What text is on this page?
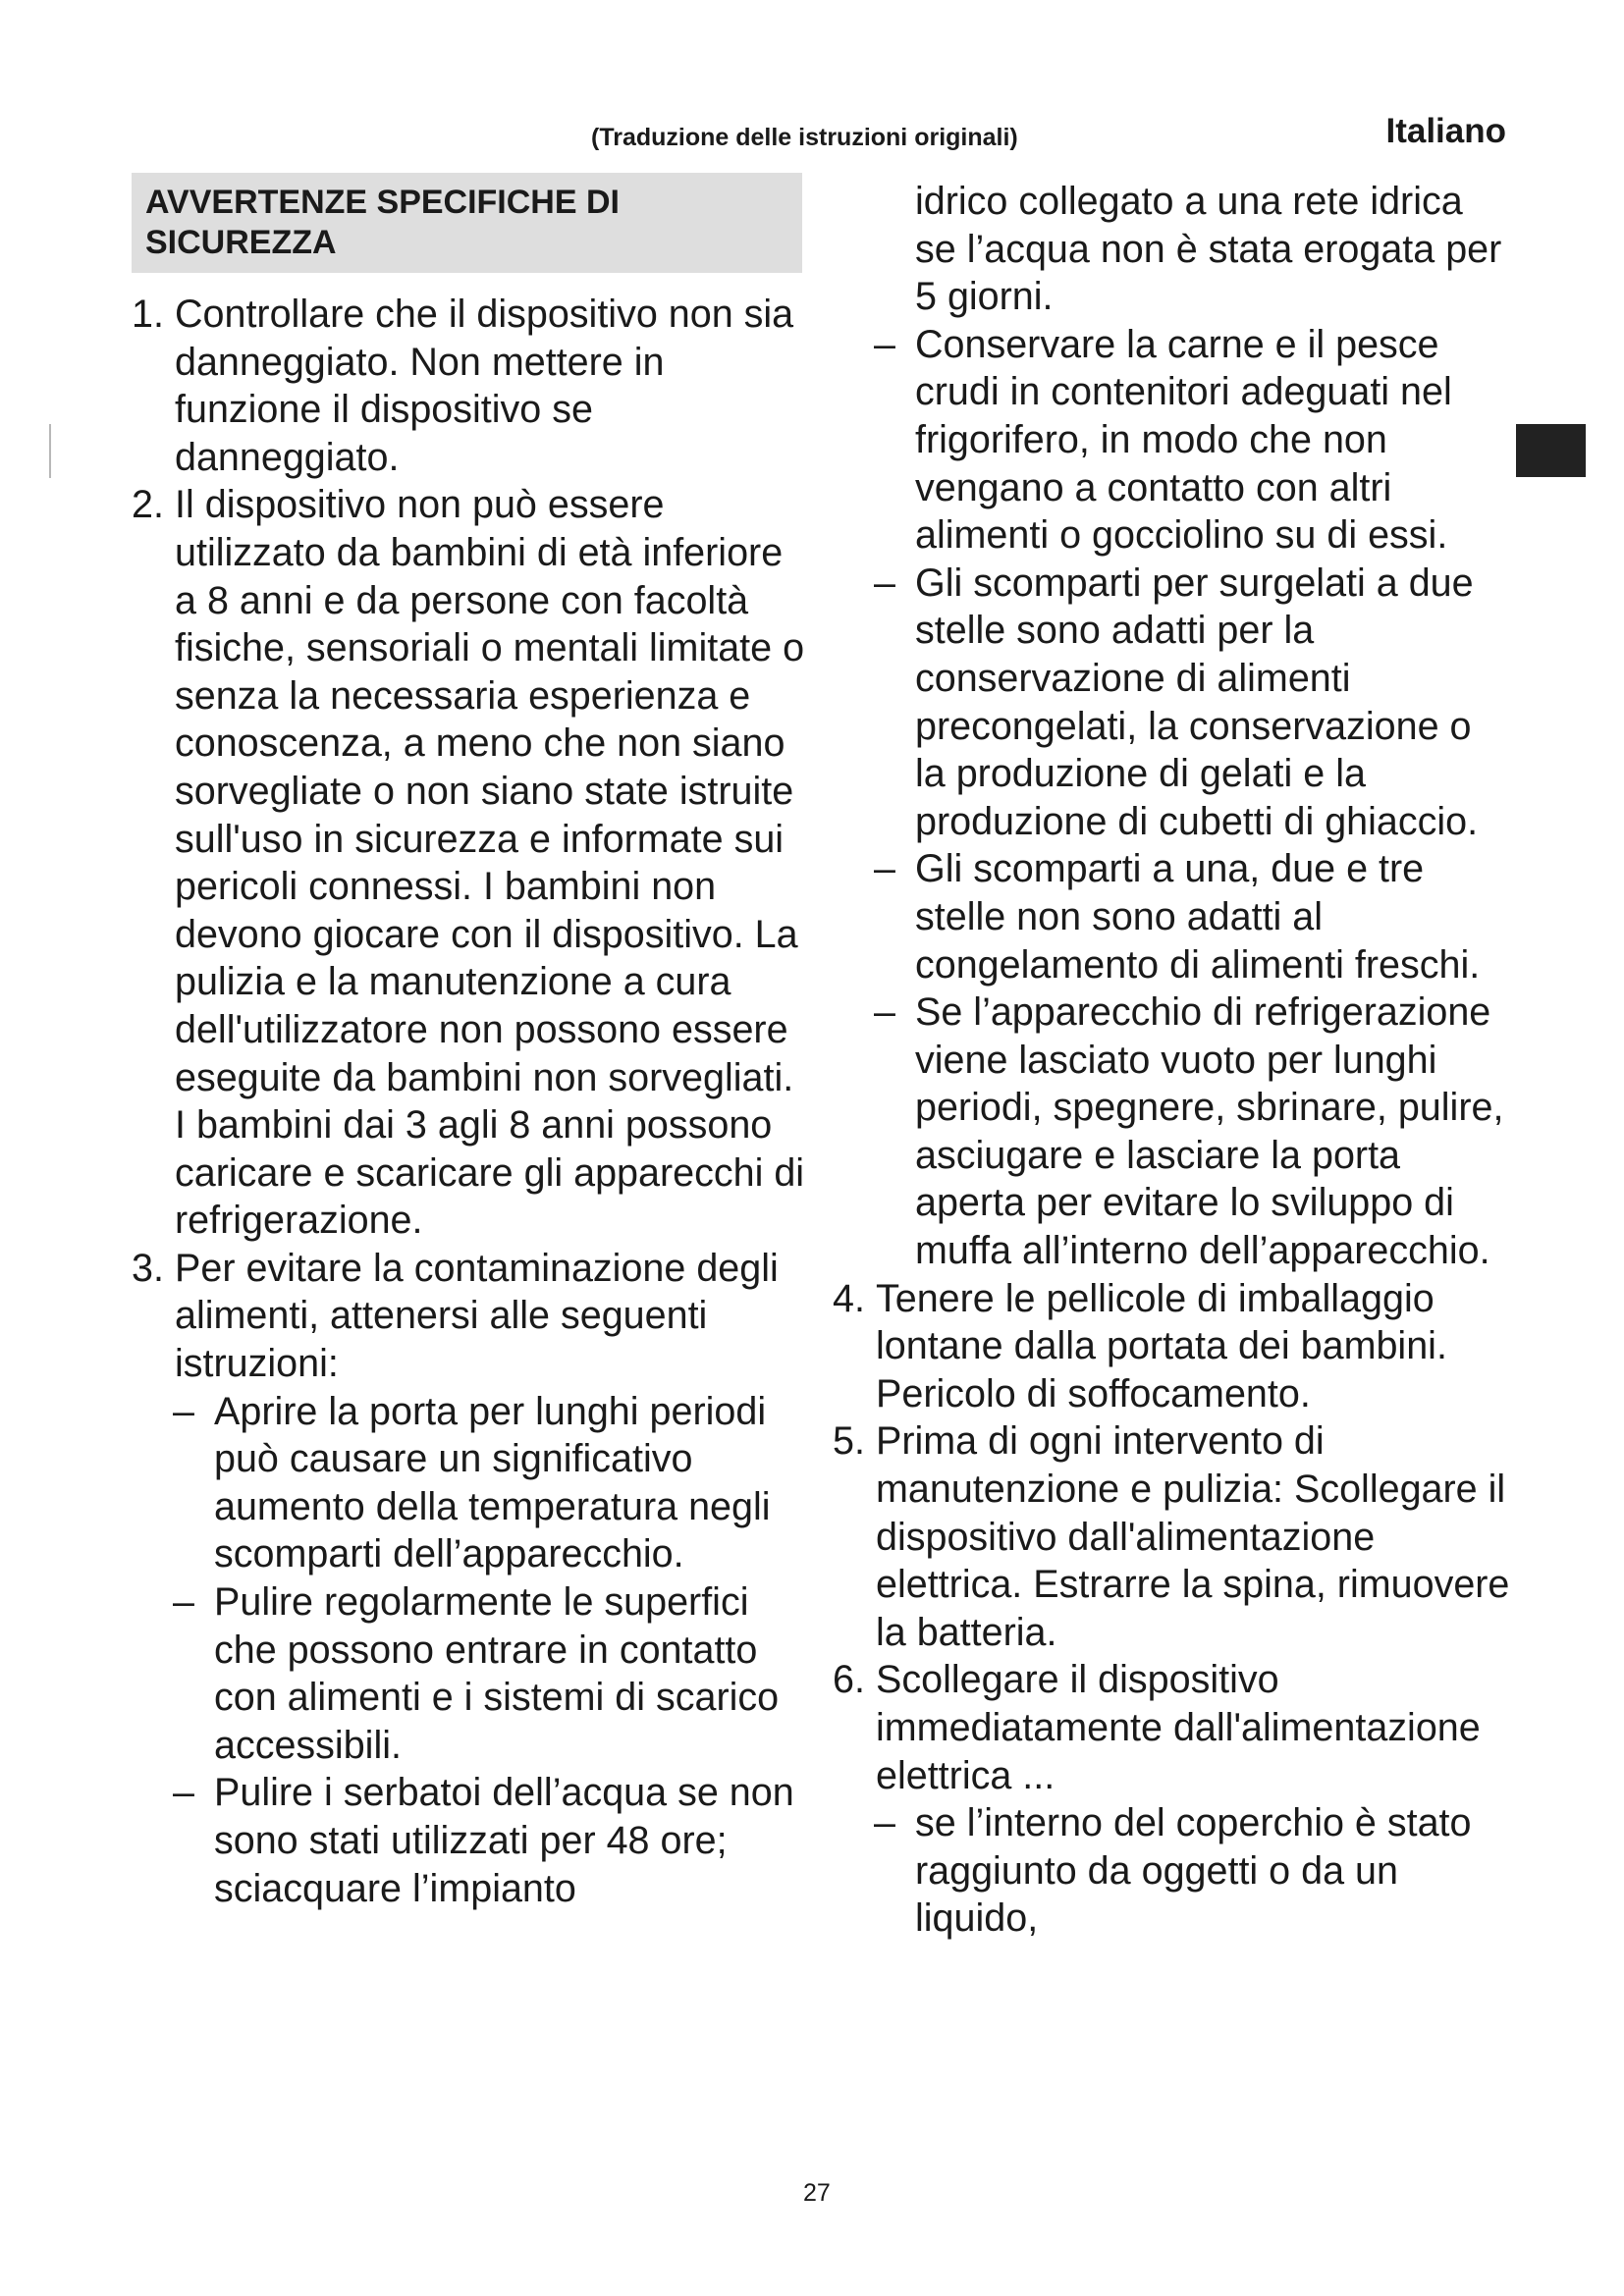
(Traduzione delle istruzioni originali)	Italiano
AVVERTENZE SPECIFICHE DI SICUREZZA
1. Controllare che il dispositivo non sia danneggiato. Non mettere in funzione il dispositivo se danneggiato.
2. Il dispositivo non può essere utilizzato da bambini di età inferiore a 8 anni e da persone con facoltà fisiche, sensoriali o mentali limitate o senza la necessaria esperienza e conoscenza, a meno che non siano sorvegliate o non siano state istruite sull'uso in sicurezza e informate sui pericoli connessi. I bambini non devono giocare con il dispositivo. La pulizia e la manutenzione a cura dell'utilizzatore non possono essere eseguite da bambini non sorvegliati. I bambini dai 3 agli 8 anni possono caricare e scaricare gli apparecchi di refrigerazione.
3. Per evitare la contaminazione degli alimenti, attenersi alle seguenti istruzioni:
– Aprire la porta per lunghi periodi può causare un significativo aumento della temperatura negli scomparti dell’apparecchio.
– Pulire regolarmente le superfici che possono entrare in contatto con alimenti e i sistemi di scarico accessibili.
– Pulire i serbatoi dell’acqua se non sono stati utilizzati per 48 ore; sciacquare l’impianto
idrico collegato a una rete idrica se l’acqua non è stata erogata per 5 giorni.
– Conservare la carne e il pesce crudi in contenitori adeguati nel frigorifero, in modo che non vengano a contatto con altri alimenti o gocciolino su di essi.
– Gli scomparti per surgelati a due stelle sono adatti per la conservazione di alimenti precongelati, la conservazione o la produzione di gelati e la produzione di cubetti di ghiaccio.
– Gli scomparti a una, due e tre stelle non sono adatti al congelamento di alimenti freschi.
– Se l’apparecchio di refrigerazione viene lasciato vuoto per lunghi periodi, spegnere, sbrinare, pulire, asciugare e lasciare la porta aperta per evitare lo sviluppo di muffa all’interno dell’apparecchio.
4. Tenere le pellicole di imballaggio lontane dalla portata dei bambini. Pericolo di soffocamento.
5. Prima di ogni intervento di manutenzione e pulizia: Scollegare il dispositivo dall'alimentazione elettrica. Estrarre la spina, rimuovere la batteria.
6. Scollegare il dispositivo immediatamente dall'alimentazione elettrica ...
– se l’interno del coperchio è stato raggiunto da oggetti o da un liquido,
27
